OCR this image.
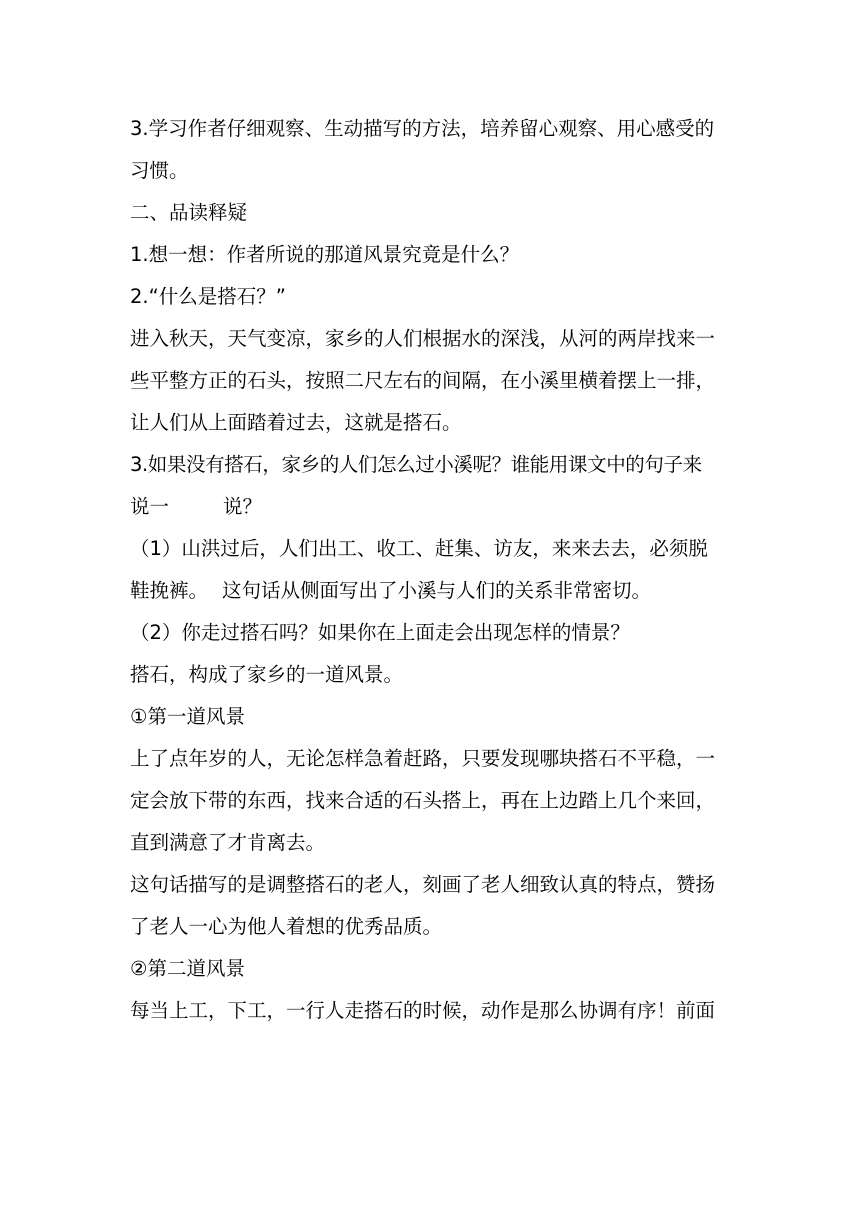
3.学习作者仔细观察、生动描写的方法，培养留心观察、用心感受的

习惯。

二、品读释疑

1.想一想：作者所说的那道风景究竟是什么？

2.“什么是搭石？”

进入秋天，天气变凉，家乡的人们根据水的深浅，从河的两岸找来一

些平整方正的石头，按照二尺左右的间隔，在小溪里横着摆上一排，

让人们从上面踏着过去，这就是搭石。

3.如果没有搭石，家乡的人们怎么过小溪呢？谁能用课文中的句子来

说一	说？

（1）山洪过后，人们出工、收工、赶集、访友，来来去去，必须脱

鞋挽裤。 这句话从侧面写出了小溪与人们的关系非常密切。

（2）你走过搭石吗？如果你在上面走会出现怎样的情景？

搭石，构成了家乡的一道风景。

①第一道风景

上了点年岁的人，无论怎样急着赶路，只要发现哪块搭石不平稳，一

定会放下带的东西，找来合适的石头搭上，再在上边踏上几个来回，

直到满意了才肯离去。

这句话描写的是调整搭石的老人，刻画了老人细致认真的特点，赞扬

了老人一心为他人着想的优秀品质。

②第二道风景

每当上工，下工，一行人走搭石的时候，动作是那么协调有序！前面
